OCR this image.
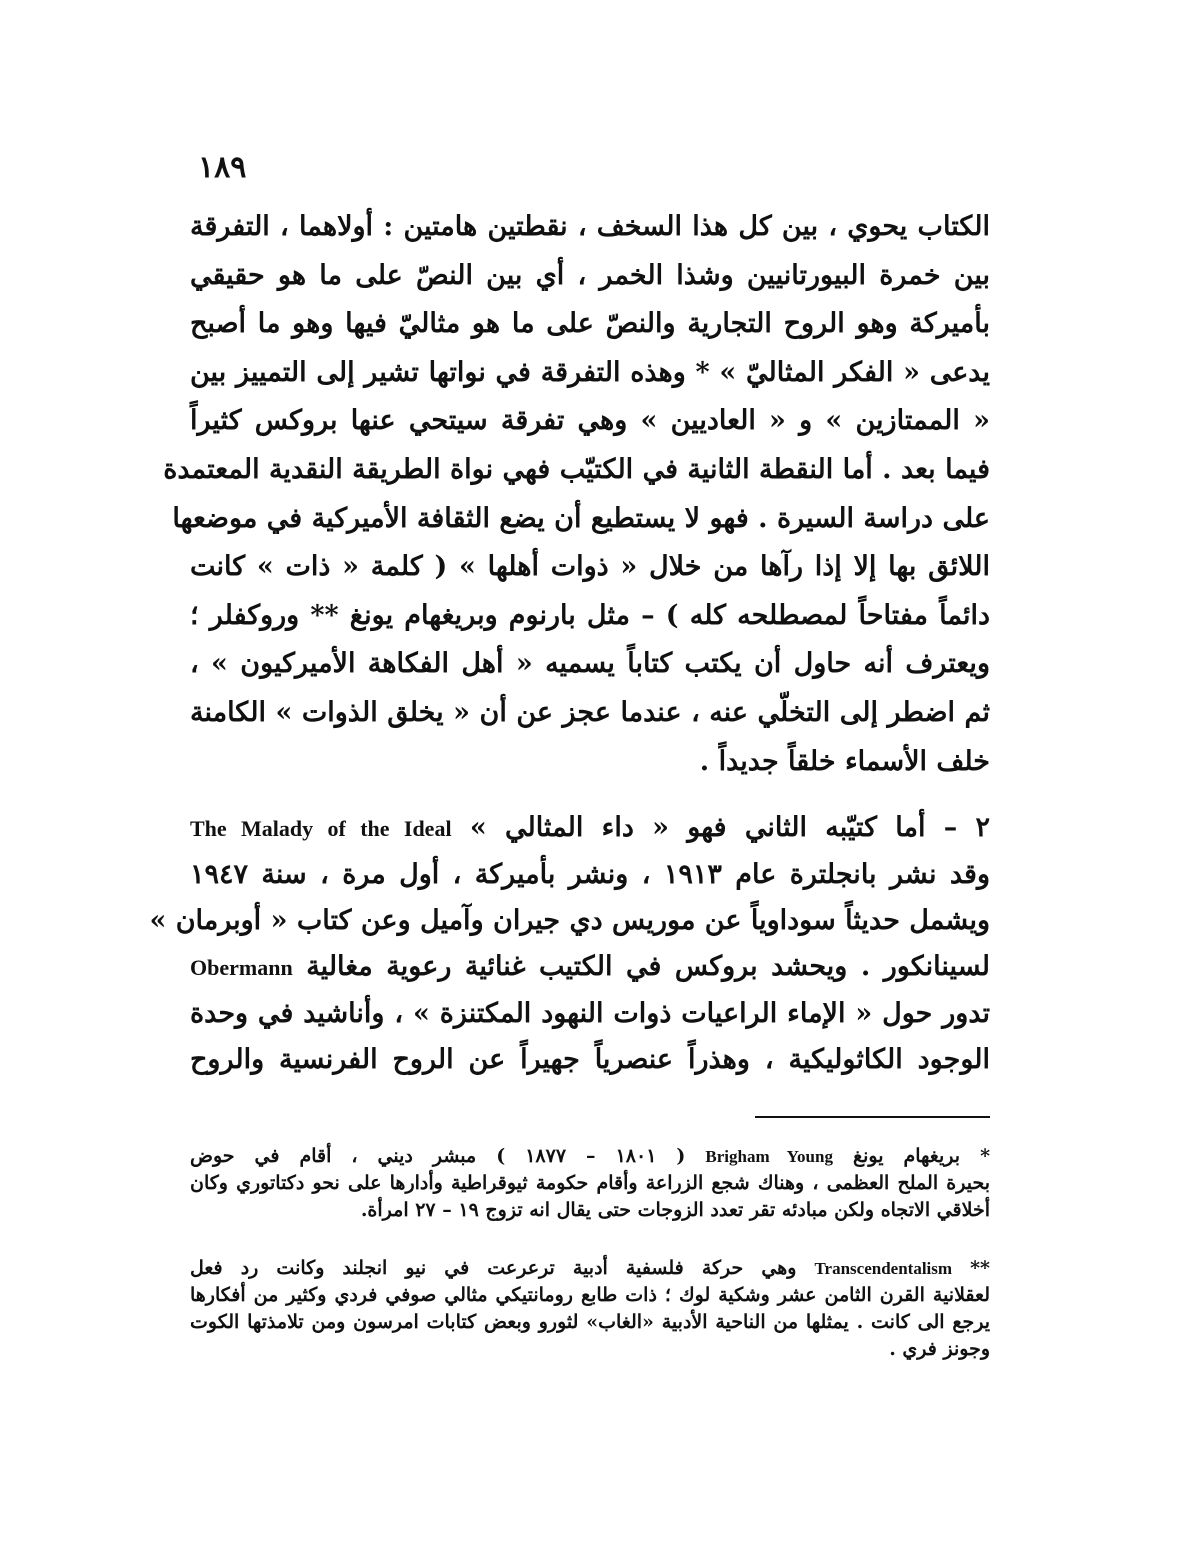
١٨٩
الكتاب يحوي ، بين كل هذا السخف ، نقطتين هامتين : أولاهما ، التفرقة
بين خمرة البيورتانيين وشذا الخمر ، أي بين النصّ على ما هو حقيقي
بأميركة وهو الروح التجارية والنصّ على ما هو مثاليّ فيها وهو ما أصبح
يدعى « الفكر المثاليّ » * وهذه التفرقة في نواتها تشير إلى التمييز بين
« الممتازين » و « العاديين » وهي تفرقة سيتحي عنها بروكس كثيراً
فيما بعد . أما النقطة الثانية في الكتيّب فهي نواة الطريقة النقدية المعتمدة
على دراسة السيرة . فهو لا يستطيع أن يضع الثقافة الأميركية في موضعها
اللائق بها إلا إذا رآها من خلال « ذوات أهلها » ( كلمة « ذات » كانت
دائماً مفتاحاً لمصطلحه كله ) – مثل بارنوم وبريغهام يونغ ** وروكفلر ؛
ويعترف أنه حاول أن يكتب كتاباً يسميه « أهل الفكاهة الأميركيون » ،
ثم اضطر إلى التخلّي عنه ، عندما عجز عن أن « يخلق الذوات » الكامنة
خلف الأسماء خلقاً جديداً .
٢ – أما كتيّبه الثاني فهو « داء المثالي » The Malady of the Ideal
وقد نشر بانجلترة عام ١٩١٣ ، ونشر بأميركة ، أول مرة ، سنة ١٩٤٧
ويشمل حديثاً سوداوياً عن موريس دي جيران وآميل وعن كتاب « أوبرمان »
لسينانكور . ويحشد بروكس في الكتيب غنائية رعوية مغالية Obermann
تدور حول « الإماء الراعيات ذوات النهود المكتنزة » ، وأناشيد في وحدة
الوجود الكاثوليكية ، وهذراً عنصرياً جهيراً عن الروح الفرنسية والروح
* بريغهام يونغ Brigham Young ( ١٨٠١ – ١٨٧٧ ) مبشر ديني ، أقام في حوض
بحيرة الملح العظمى ، وهناك شجع الزراعة وأقام حكومة ثيوقراطية وأدارها على نحو دكتاتوري وكان
أخلاقي الاتجاه ولكن مبادئه تقر تعدد الزوجات حتى يقال انه تزوج ١٩ – ٢٧ امرأة.
** Transcendentalism وهي حركة فلسفية أدبية ترعرعت في نيو انجلند وكانت رد فعل
لعقلانية القرن الثامن عشر وشكية لوك ؛ ذات طابع رومانتيكي مثالي صوفي فردي وكثير من أفكارها
يرجع الى كانت . يمثلها من الناحية الأدبية «الغاب» لثورو وبعض كتابات امرسون ومن تلامذتها الكوت
وجونز فري .
